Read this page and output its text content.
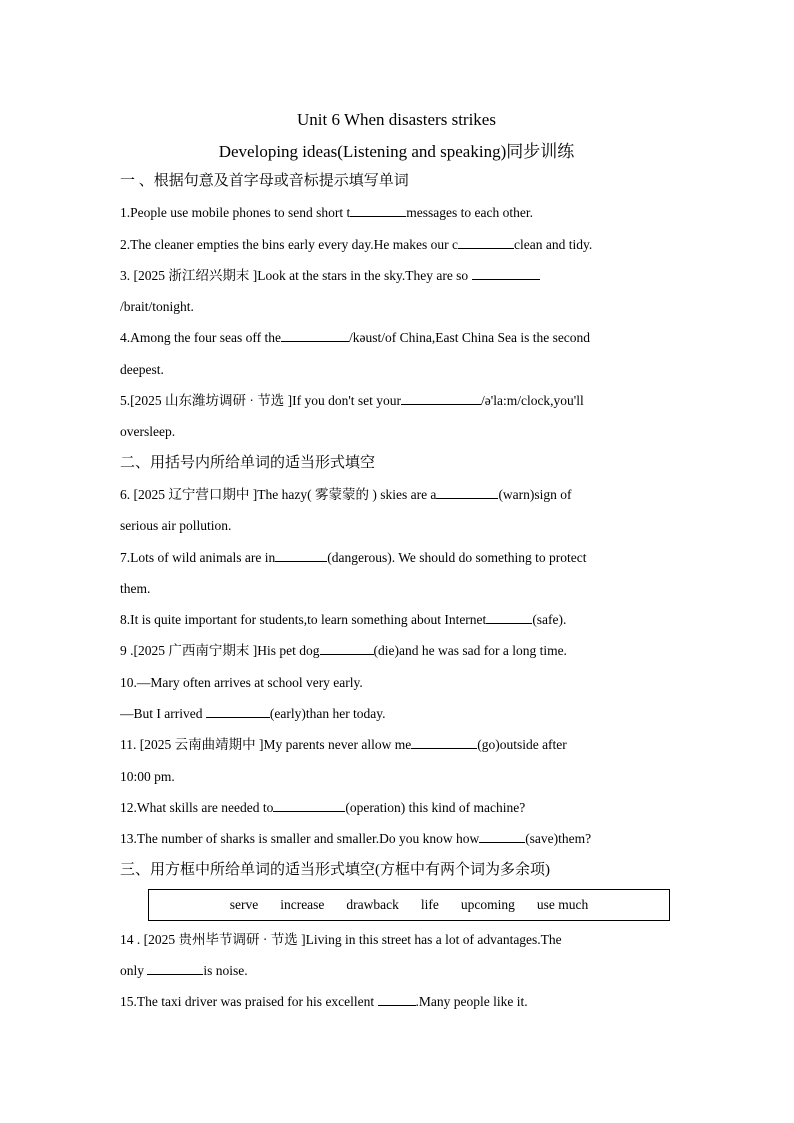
Unit 6 When disasters strikes
Developing ideas(Listening and speaking)同步训练
一 、根据句意及首字母或音标提示填写单词
1.People use mobile phones to send short t	messages to each other.
2.The cleaner empties the bins early every day.He makes our c	clean and tidy.
3. [2025 浙江绍兴期末 ]Look at the stars in the sky.They are so
/brait/tonight.
4.Among the four seas off the	/kəust/of China,East China Sea is the second
deepest.
5.[2025 山东潍坊调研 · 节选 ]If you don't set your	/ə'la:m/clock,you'll
oversleep.
二、用括号内所给单词的适当形式填空
6. [2025 辽宁营口期中 ]The hazy( 雾蒙蒙的 ) skies are a	(warn)sign of
serious air pollution.
7.Lots of wild animals are in	(dangerous). We should do something to protect
them.
8.It is quite important for students,to learn something about Internet	(safe).
9 .[2025 广西南宁期末 ]His pet dog	(die)and he was sad for a long time.
10.—Mary often arrives at school very early.
—But I arrived	(early)than her today.
11. [2025 云南曲靖期中 ]My parents never allow me	(go)outside after
10:00 pm.
12.What skills are needed to	(operation) this kind of machine?
13.The number of sharks is smaller and smaller.Do you know how	(save)them?
三、用方框中所给单词的适当形式填空(方框中有两个词为多余项)
serve increase drawback life upcoming use much
14 . [2025 贵州毕节调研 · 节选 ]Living in this street has a lot of advantages.The
only	is noise.
15.The taxi driver was praised for his excellent	.Many people like it.
